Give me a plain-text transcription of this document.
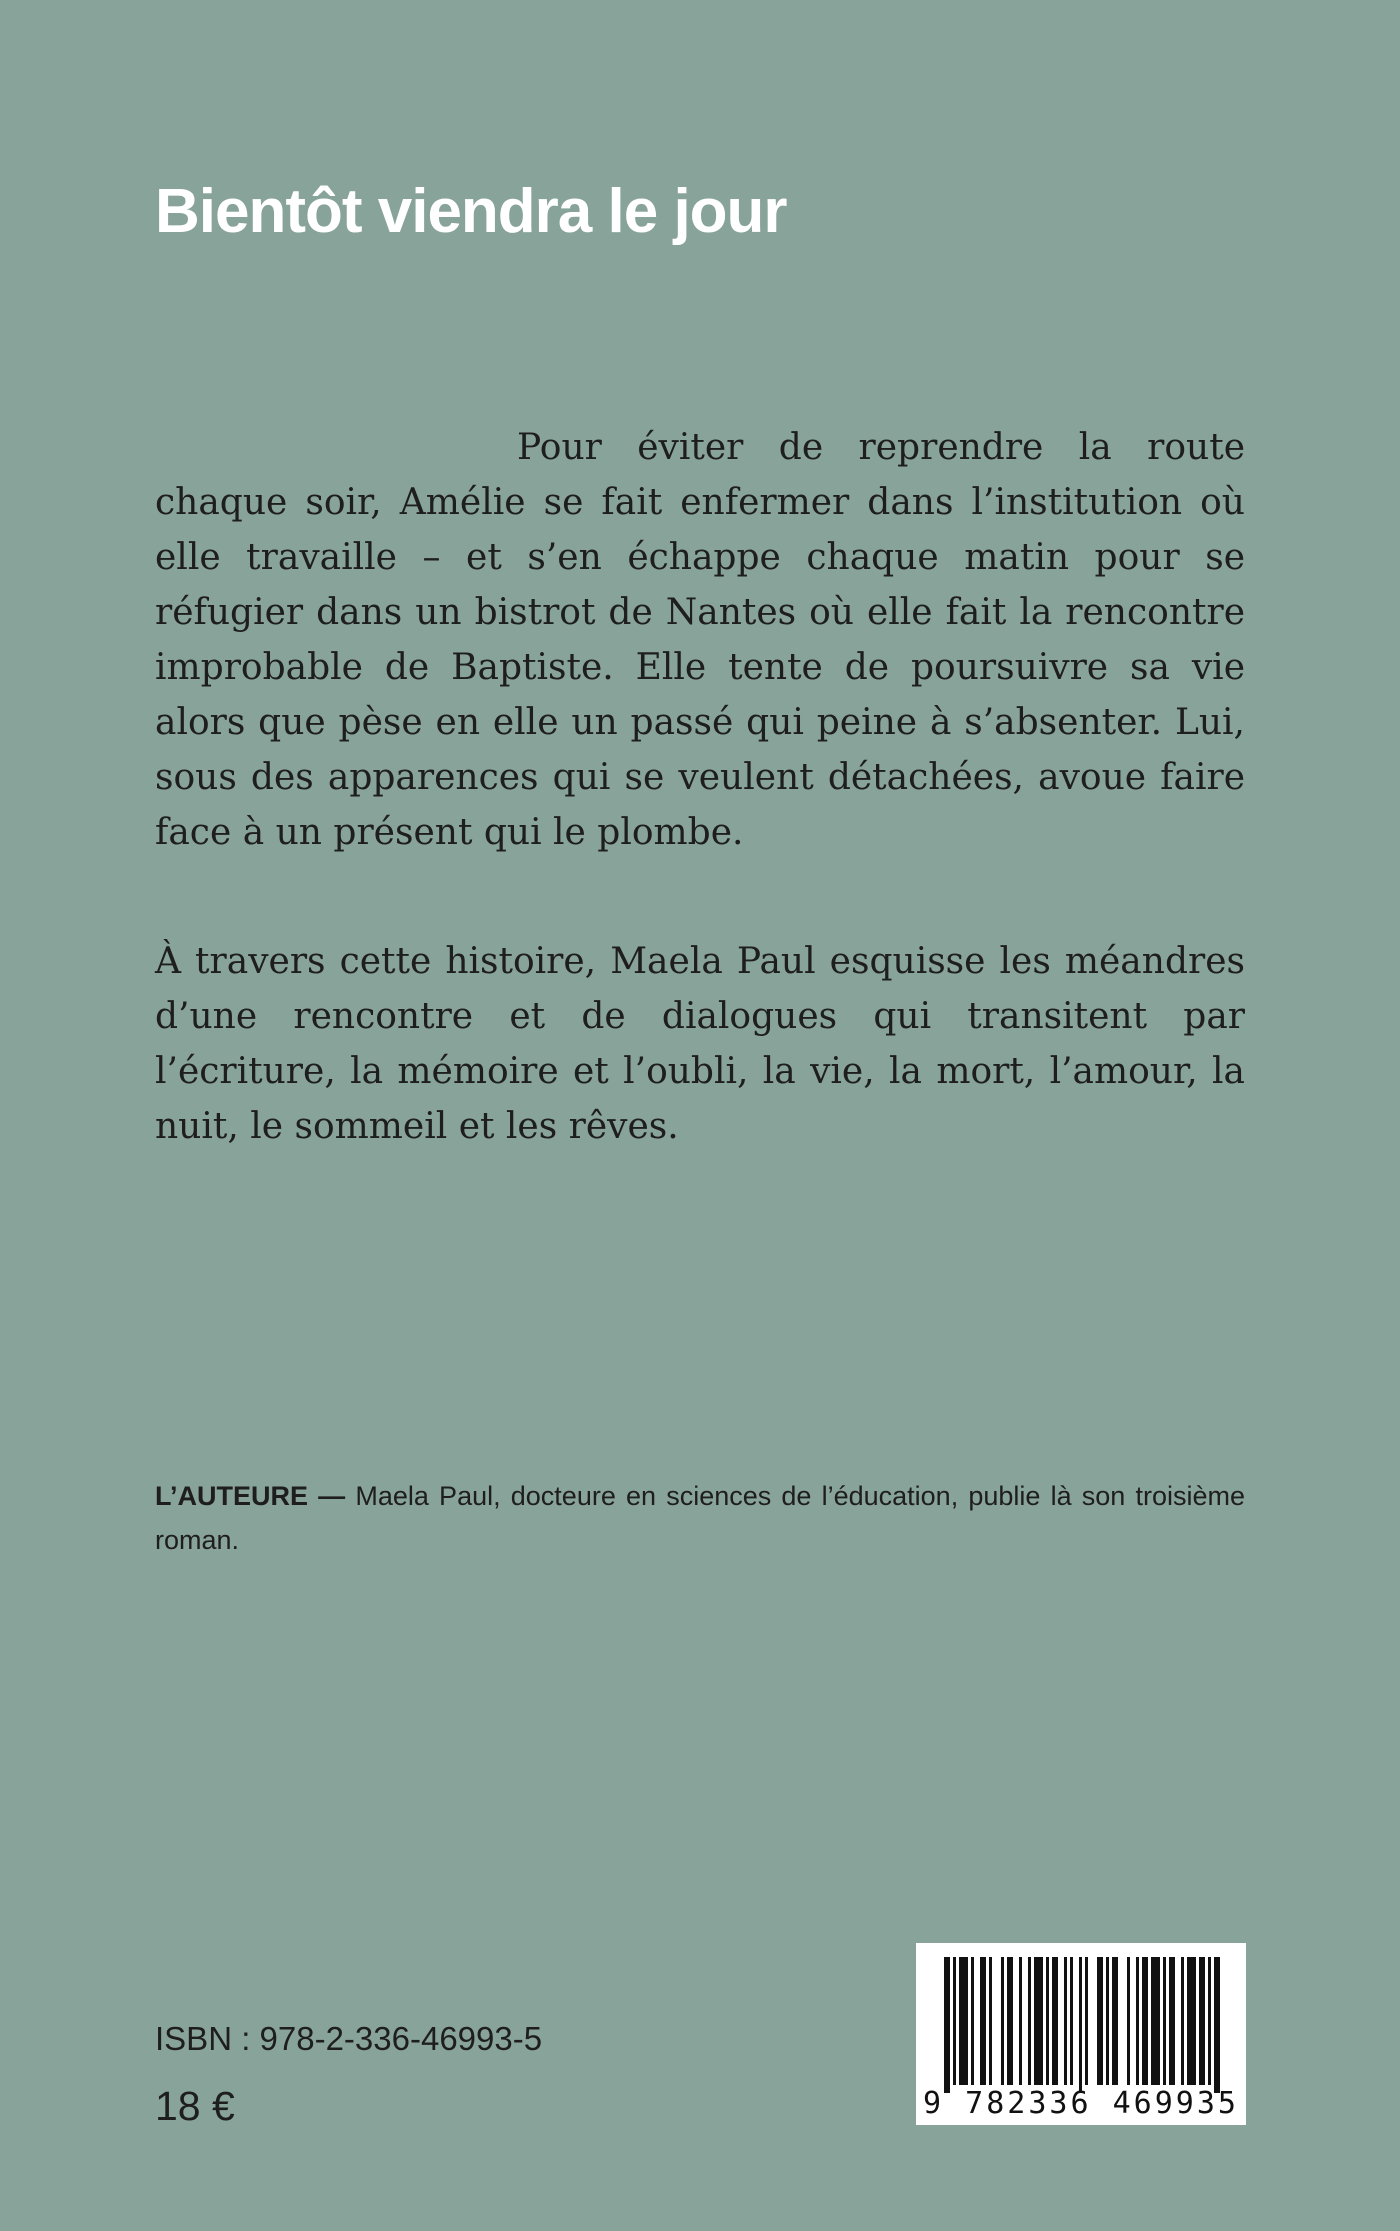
Bientôt viendra le jour

Pour éviter de reprendre la route chaque soir, Amélie se fait enfermer dans l’institution où elle travaille – et s’en échappe chaque matin pour se réfugier dans un bistrot de Nantes où elle fait la rencontre improbable de Baptiste. Elle tente de poursuivre sa vie alors que pèse en elle un passé qui peine à s’absenter. Lui, sous des apparences qui se veulent détachées, avoue faire face à un présent qui le plombe.

À travers cette histoire, Maela Paul esquisse les méandres d’une rencontre et de dialogues qui transitent par l’écriture, la mémoire et l’oubli, la vie, la mort, l’amour, la nuit, le sommeil et les rêves.

L’AUTEURE — Maela Paul, docteure en sciences de l’éducation, publie là son troisième roman.

ISBN : 978-2-336-46993-5
18 €	9 782336 469935
